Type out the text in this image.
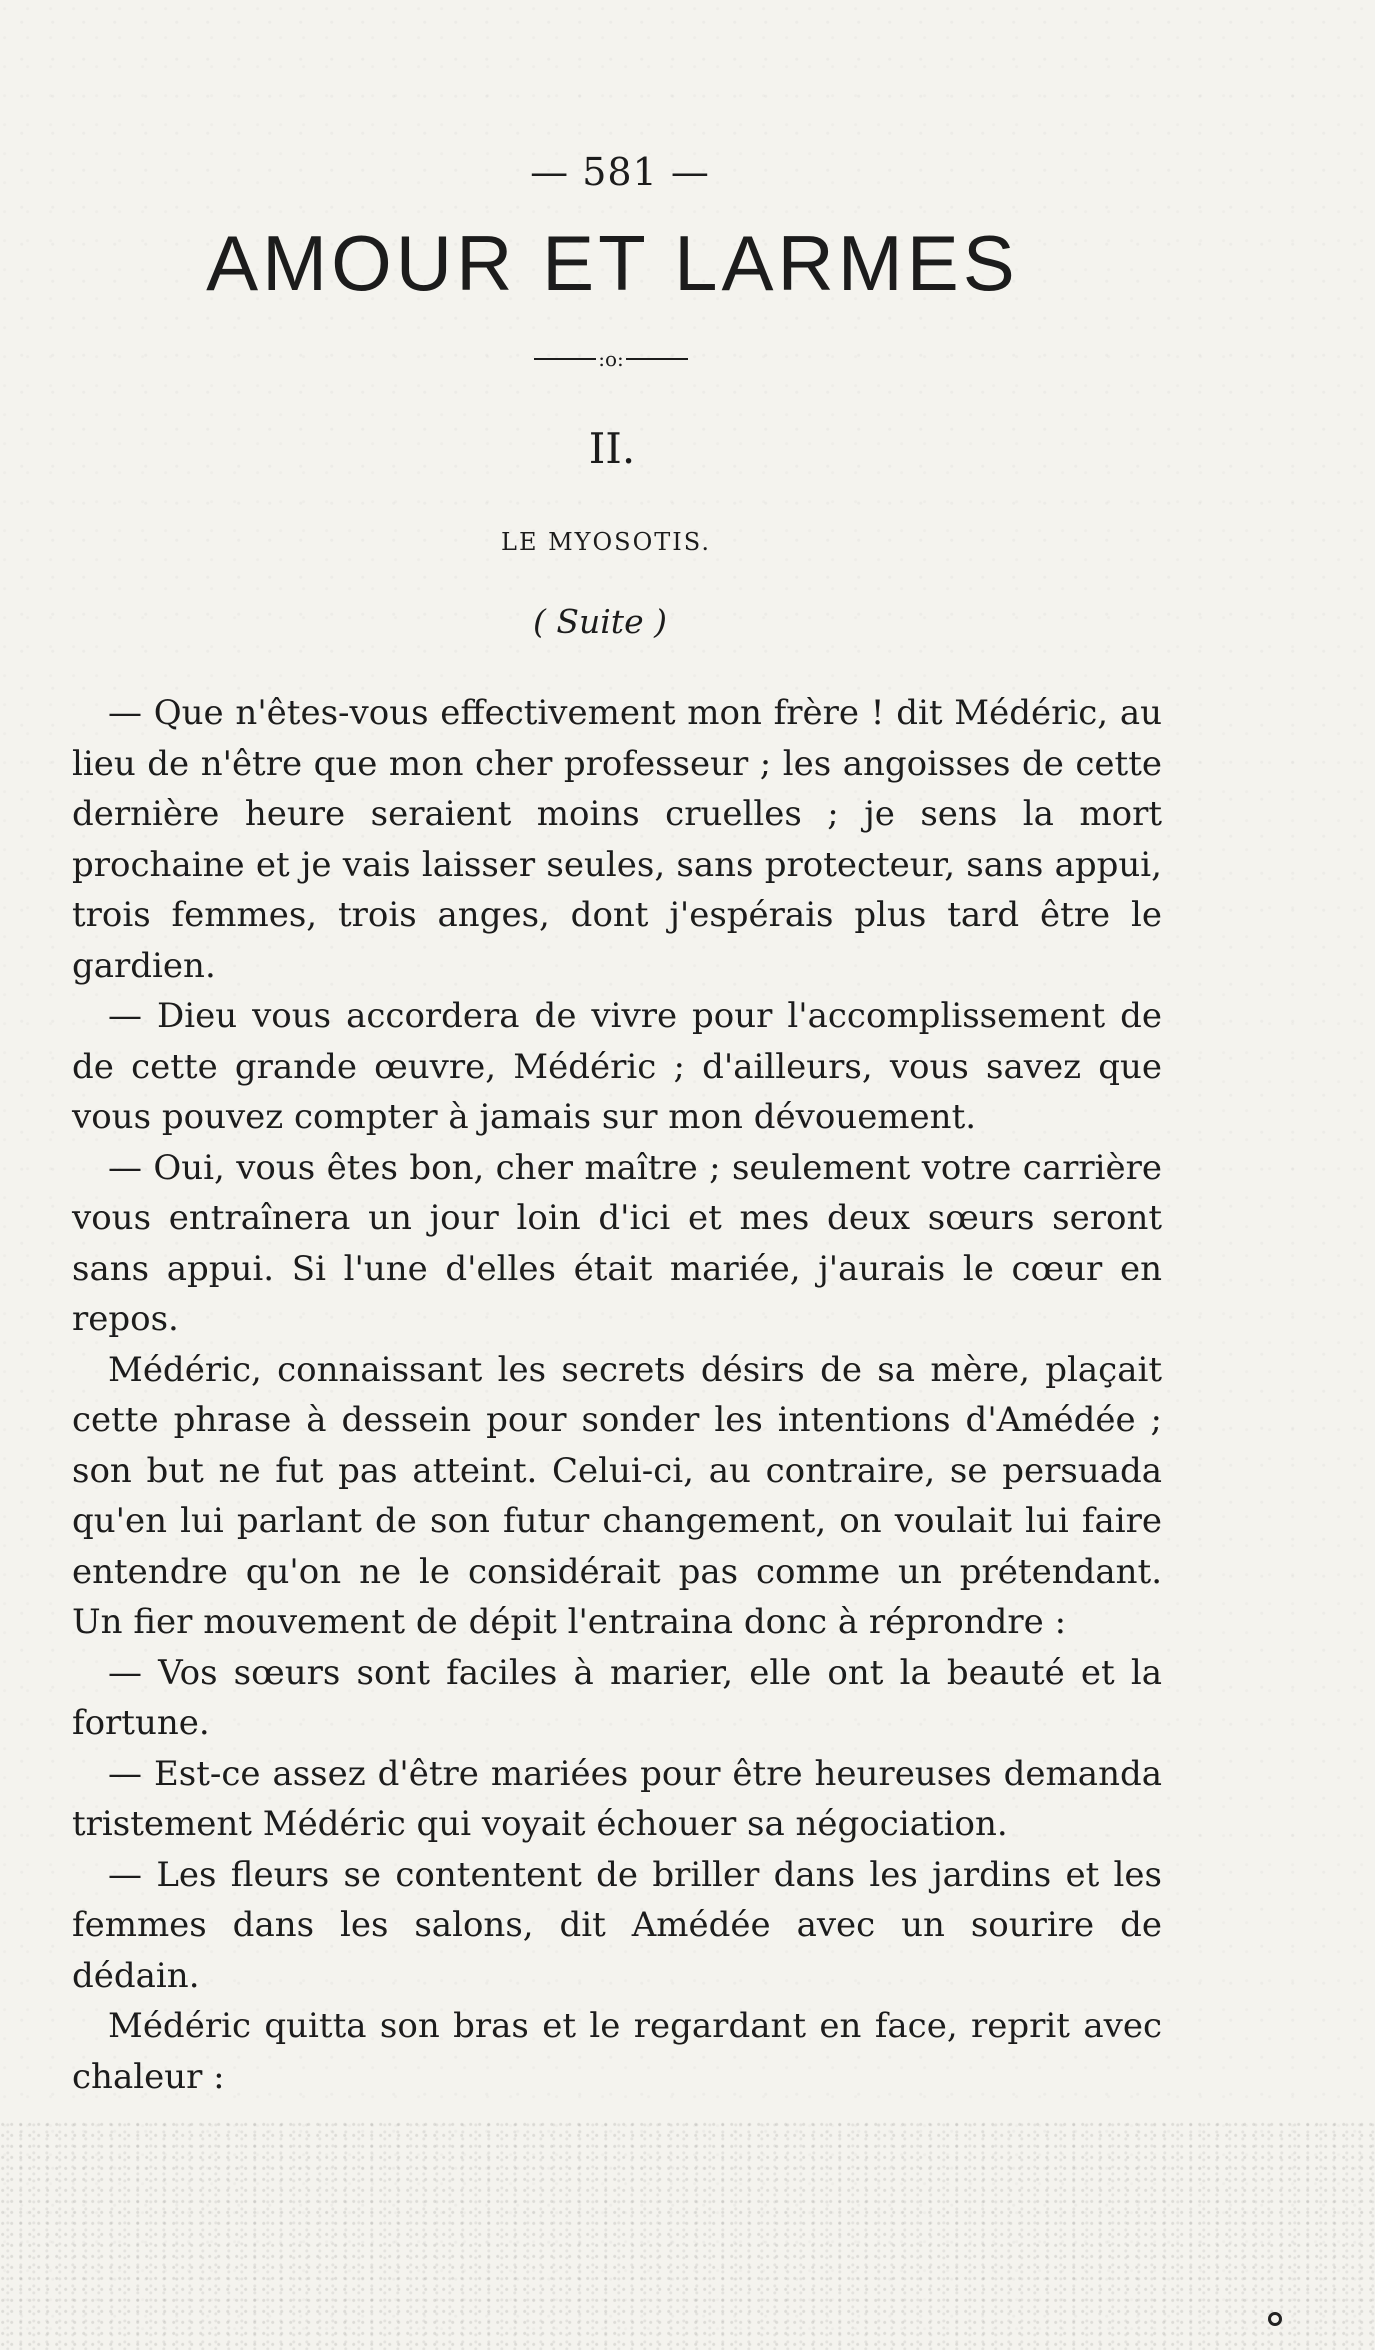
— 581 —
AMOUR ET LARMES
:o:
II.
LE MYOSOTIS.
( Suite )

— Que n'êtes-vous effectivement mon frère ! dit Médéric, au lieu de n'être que mon cher professeur ; les angoisses de cette dernière heure seraient moins cruelles ; je sens la mort prochaine et je vais laisser seules, sans protecteur, sans appui, trois femmes, trois anges, dont j'espérais plus tard être le gardien.

— Dieu vous accordera de vivre pour l'accomplissement de de cette grande œuvre, Médéric ; d'ailleurs, vous savez que vous pouvez compter à jamais sur mon dévouement.

— Oui, vous êtes bon, cher maître ; seulement votre carrière vous entraînera un jour loin d'ici et mes deux sœurs seront sans appui. Si l'une d'elles était mariée, j'aurais le cœur en repos.

Médéric, connaissant les secrets désirs de sa mère, plaçait cette phrase à dessein pour sonder les intentions d'Amédée ; son but ne fut pas atteint. Celui-ci, au contraire, se persuada qu'en lui parlant de son futur changement, on voulait lui faire entendre qu'on ne le considérait pas comme un prétendant. Un fier mouvement de dépit l'entraina donc à réprondre :

— Vos sœurs sont faciles à marier, elle ont la beauté et la fortune.

— Est-ce assez d'être mariées pour être heureuses demanda tristement Médéric qui voyait échouer sa négociation.

— Les fleurs se contentent de briller dans les jardins et les femmes dans les salons, dit Amédée avec un sourire de dédain.

Médéric quitta son bras et le regardant en face, reprit avec chaleur :
